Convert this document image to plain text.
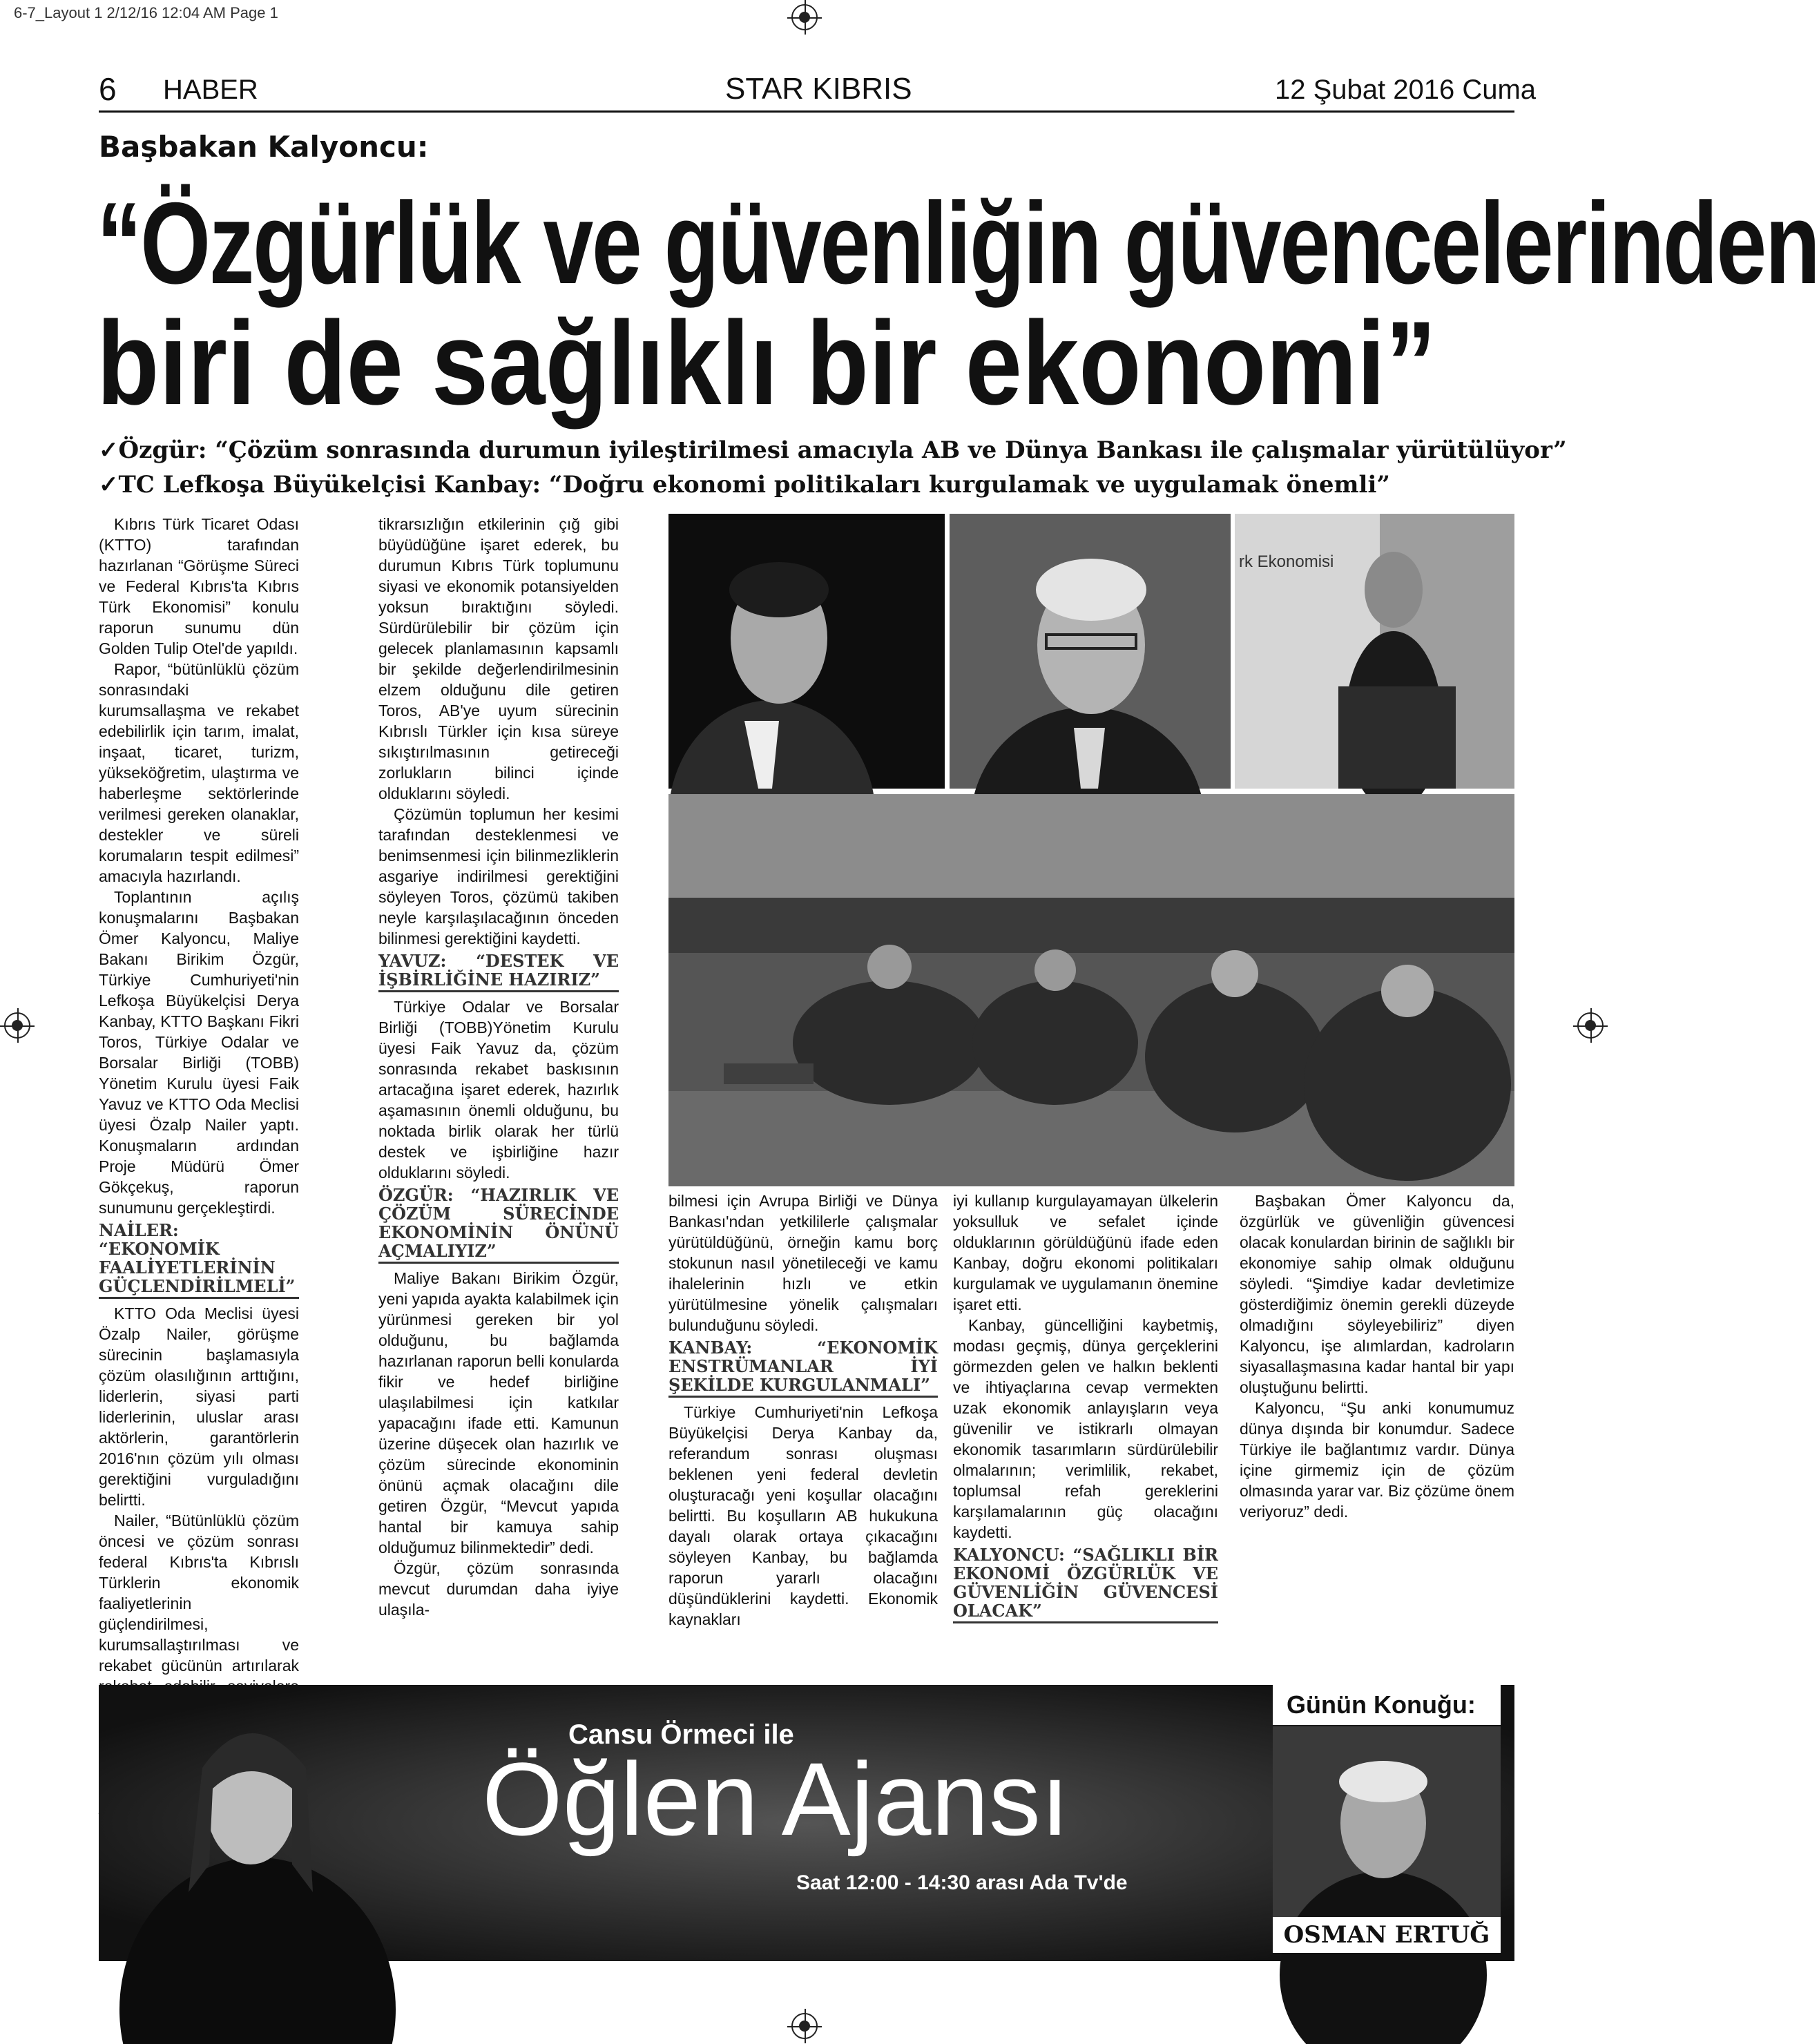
6-7_Layout 1 2/12/16 12:04 AM Page 1
6 HABER	STAR KIBRIS	12 Şubat 2016 Cuma
Başbakan Kalyoncu:
“Özgürlük ve güvenliğin güvencelerinden
biri de sağlıklı bir ekonomi”
✓Özgür: “Çözüm sonrasında durumun iyileştirilmesi amacıyla AB ve Dünya Bankası ile çalışmalar yürütülüyor”
✓TC Lefkoşa Büyükelçisi Kanbay: “Doğru ekonomi politikaları kurgulamak ve uygulamak önemli”

Kıbrıs Türk Ticaret Odası (KTTO) tarafından hazırlanan “Görüşme Süreci ve Federal Kıbrıs'ta Kıbrıs Türk Ekonomisi” konulu raporun sunumu dün Golden Tulip Otel'de yapıldı.

Rapor, “bütünlüklü çözüm sonrasındaki kurumsallaşma ve rekabet edebilirlik için tarım, imalat, inşaat, ticaret, turizm, yükseköğretim, ulaştırma ve haberleşme sektörlerinde verilmesi gereken olanaklar, destekler ve süreli korumaların tespit edilmesi” amacıyla hazırlandı.

Toplantının açılış konuşmalarını Başbakan Ömer Kalyoncu, Maliye Bakanı Birikim Özgür, Türkiye Cumhuriyeti'nin Lefkoşa Büyükelçisi Derya Kanbay, KTTO Başkanı Fikri Toros, Türkiye Odalar ve Borsalar Birliği (TOBB) Yönetim Kurulu üyesi Faik Yavuz ve KTTO Oda Meclisi üyesi Özalp Nailer yaptı. Konuşmaların ardından Proje Müdürü Ömer Gökçekuş, raporun sunumunu gerçekleştirdi.

NAİLER: “EKONOMİK FAALİYETLERİNİN GÜÇLENDİRİLMELİ”

KTTO Oda Meclisi üyesi Özalp Nailer, görüşme sürecinin başlamasıyla çözüm olasılığının arttığını, liderlerin, siyasi parti liderlerinin, uluslar arası aktörlerin, garantörlerin 2016'nın çözüm yılı olması gerektiğini vurguladığını belirtti.

Nailer, “Bütünlüklü çözüm öncesi ve çözüm sonrası federal Kıbrıs'ta Kıbrıslı Türklerin ekonomik faaliyetlerinin güçlendirilmesi, kurumsallaştırılması ve rekabet gücünün artırılarak

tikrarsızlığın etkilerinin çığ gibi büyüdüğüne işaret ederek, bu durumun Kıbrıs Türk toplumunu siyasi ve ekonomik potansiyelden yoksun bıraktığını söyledi. Sürdürülebilir bir çözüm için gelecek planlamasının kapsamlı bir şekilde değerlendirilmesinin elzem olduğunu dile getiren Toros, AB'ye uyum sürecinin Kıbrıslı Türkler için kısa süreye sıkıştırılmasının getireceği zorlukların bilinci içinde olduklarını söyledi.

Çözümün toplumun her kesimi tarafından desteklenmesi ve benimsenmesi için bilinmezliklerin asgariye indirilmesi gerektiğini söyleyen Toros, çözümü takiben neyle karşılaşılacağının önceden bilinmesi gerektiğini kaydetti.

YAVUZ: “DESTEK VE İŞBİRLİĞİNE HAZIRIZ”

Türkiye Odalar ve Borsalar Birliği (TOBB)Yönetim Kurulu üyesi Faik Yavuz da, çözüm sonrasında rekabet baskısının artacağına işaret ederek, hazırlık aşamasının önemli olduğunu, bu noktada birlik olarak her türlü destek ve işbirliğine hazır olduklarını söyledi.

ÖZGÜR: “HAZIRLIK VE ÇÖZÜM SÜRECİNDE EKONOMİNİN ÖNÜNÜ AÇMALIYIZ”

Maliye Bakanı Birikim Özgür, yeni yapıda ayakta kalabilmek için yürünmesi gereken bir yol olduğunu, bu bağlamda hazırlanan raporun belli konularda fikir ve hedef birliğine ulaşılabilmesi için katkılar yapacağını ifade etti. Kamunun üzerine düşecek olan hazırlık ve çözüm sürecinde ekonominin önünü açmak olacağını dile getiren Özgür, “Mevcut yapıda hantal bir kamuya sahip olduğumuz bilinmektedir” dedi.

Özgür, çözüm sonrasında mevcut durumdan daha iyiye ulaşıla-

rk Ekonomisi

bilmesi için Avrupa Birliği ve Dünya Bankası'ndan yetkililerle çalışmalar yürütüldüğünü, örneğin kamu borç stokunun nasıl yönetileceği ve kamu ihalelerinin hızlı ve etkin yürütülmesine yönelik çalışmaları bulunduğunu söyledi.

KANBAY: “EKONOMİK ENSTRÜMANLAR İYİ ŞEKİLDE KURGULANMALI”

Türkiye Cumhuriyeti'nin Lefkoşa Büyükelçisi Derya Kanbay da, referandum sonrası oluşması beklenen yeni federal devletin oluşturacağı yeni koşullar olacağını belirtti. Bu koşulların AB hukukuna dayalı olarak ortaya çıkacağını söyleyen Kanbay, bu bağlamda raporun yararlı olacağını düşündüklerini kaydetti. Ekonomik kaynakları

iyi kullanıp kurgulayamayan ülkelerin yoksulluk ve sefalet içinde olduklarının görüldüğünü ifade eden Kanbay, doğru ekonomi politikaları kurgulamak ve uygulamanın önemine işaret etti.

Kanbay, güncelliğini kaybetmiş, modası geçmiş, dünya gerçeklerini görmezden gelen ve halkın beklenti ve ihtiyaçlarına cevap vermekten uzak ekonomik anlayışların veya güvenilir ve istikrarlı olmayan ekonomik tasarımların sürdürülebilir olmalarının; verimlilik, rekabet, toplumsal refah gereklerini karşılamalarının güç olacağını kaydetti.

KALYONCU: “SAĞLIKLI BİR EKONOMİ ÖZGÜRLÜK VE GÜVENLİĞİN GÜVENCESİ OLACAK”

Başbakan Ömer Kalyoncu da, özgürlük ve güvenliğin güvencesi olacak konulardan birinin de sağlıklı bir ekonomiye sahip olmak olduğunu söyledi. “Şimdiye kadar devletimize gösterdiğimiz önemin gerekli düzeyde olmadığını söyleyebiliriz” diyen Kalyoncu, işe alımlardan, kadroların siyasallaşmasına kadar hantal bir yapı oluştuğunu belirtti.

Kalyoncu, “Şu anki konumumuz dünya dışında bir konumdur. Sadece Türkiye ile bağlantımız vardır. Dünya içine girmemiz için de çözüm olmasında yarar var. Biz çözüme önem veriyoruz” dedi.

Cansu Örmeci ile
Öğlen Ajansı
Saat 12:00 - 14:30 arası Ada Tv'de
Günün Konuğu:
OSMAN ERTUĞ
